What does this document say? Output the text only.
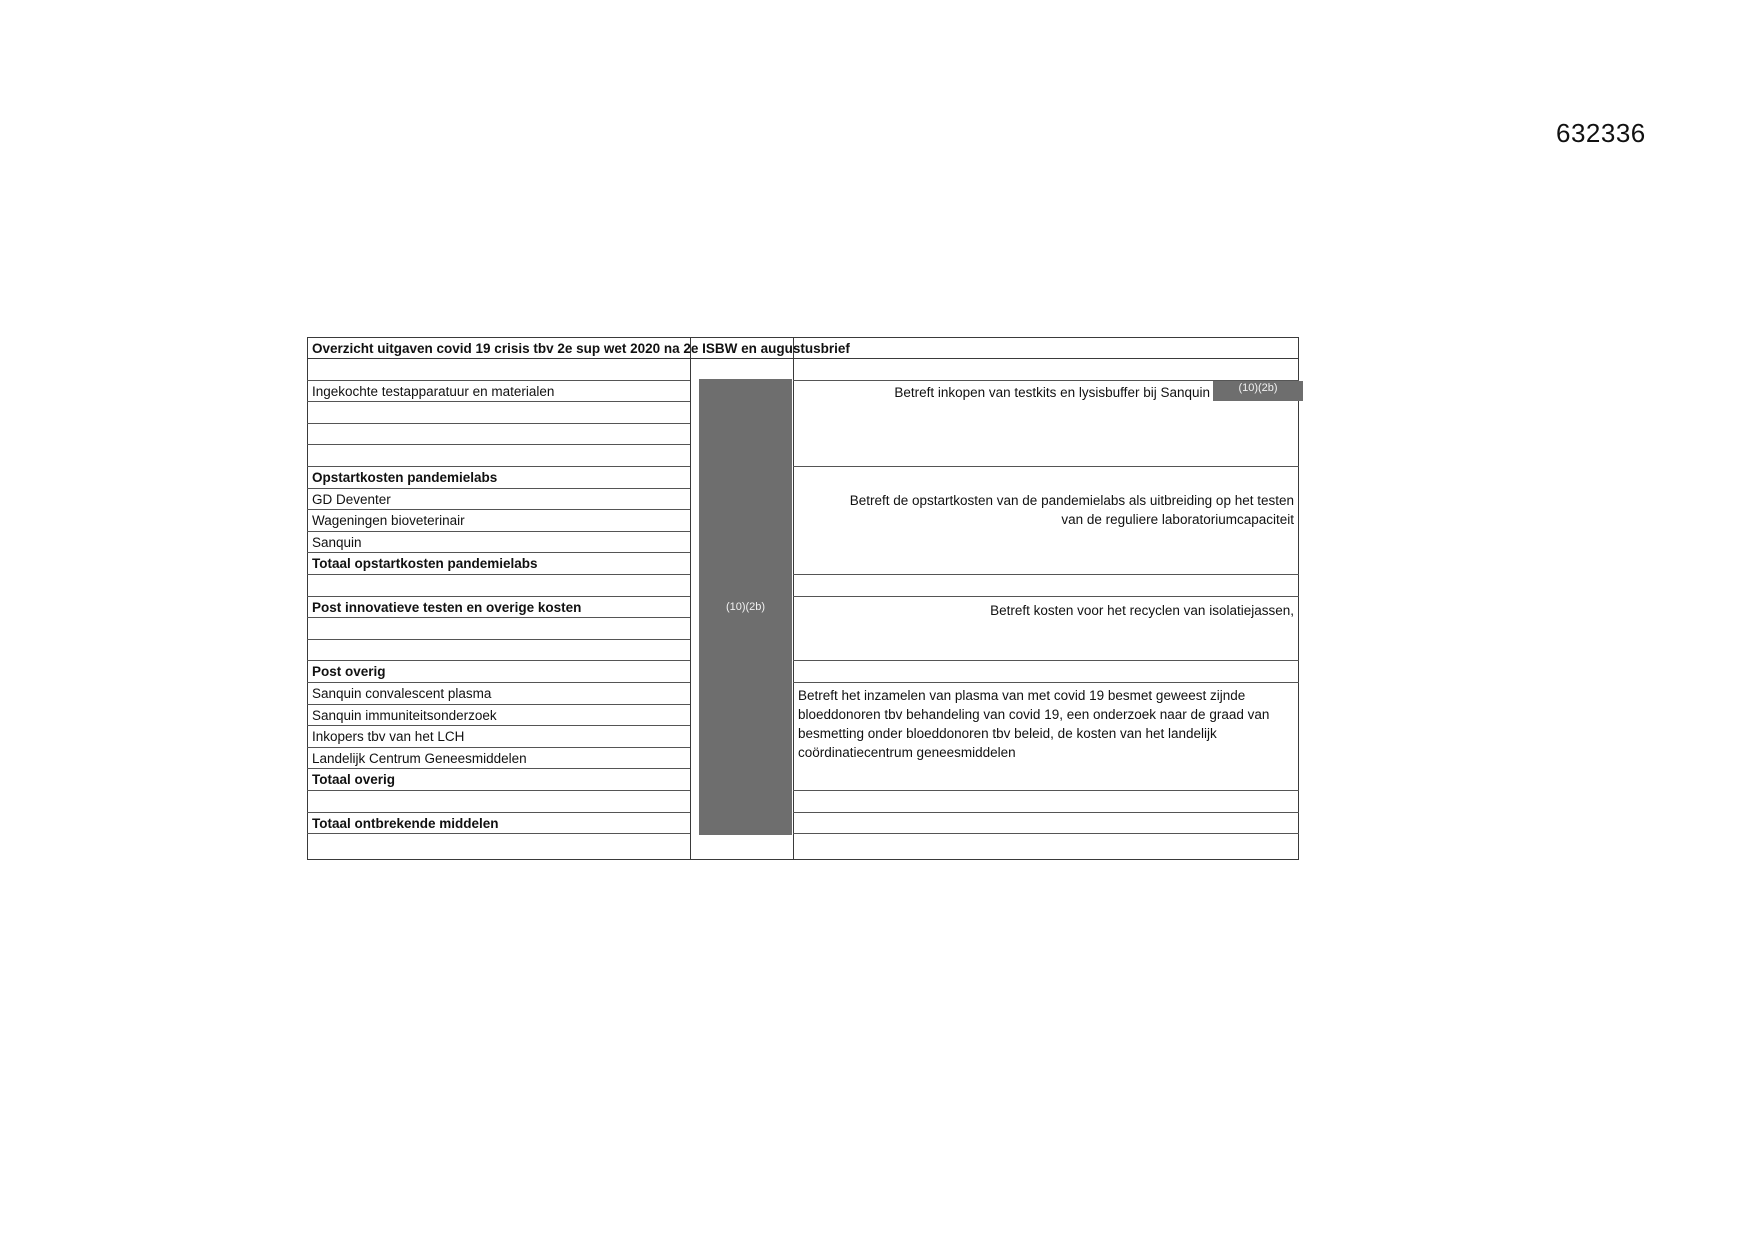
632336
Overzicht uitgaven covid 19 crisis tbv 2e sup wet 2020 na 2e ISBW en augustusbrief
Ingekochte testapparatuur en materialen
Opstartkosten pandemielabs
GD Deventer
Wageningen bioveterinair
Sanquin
Totaal opstartkosten pandemielabs
Post innovatieve testen en overige kosten
Post overig
Sanquin convalescent plasma
Sanquin immuniteitsonderzoek
Inkopers tbv van het LCH
Landelijk Centrum Geneesmiddelen
Totaal overig
Totaal ontbrekende middelen
Betreft inkopen van testkits en lysisbuffer bij Sanquin
Betreft de opstartkosten van de pandemielabs als uitbreiding op het testen
van de reguliere laboratoriumcapaciteit
Betreft kosten voor het recyclen van isolatiejassen,
Betreft het inzamelen van plasma van met covid 19 besmet geweest zijnde
bloeddonoren tbv behandeling van covid 19, een onderzoek naar de graad van
besmetting onder bloeddonoren tbv beleid, de kosten van het landelijk
coördinatiecentrum geneesmiddelen
(10)(2b)
(10)(2b)
